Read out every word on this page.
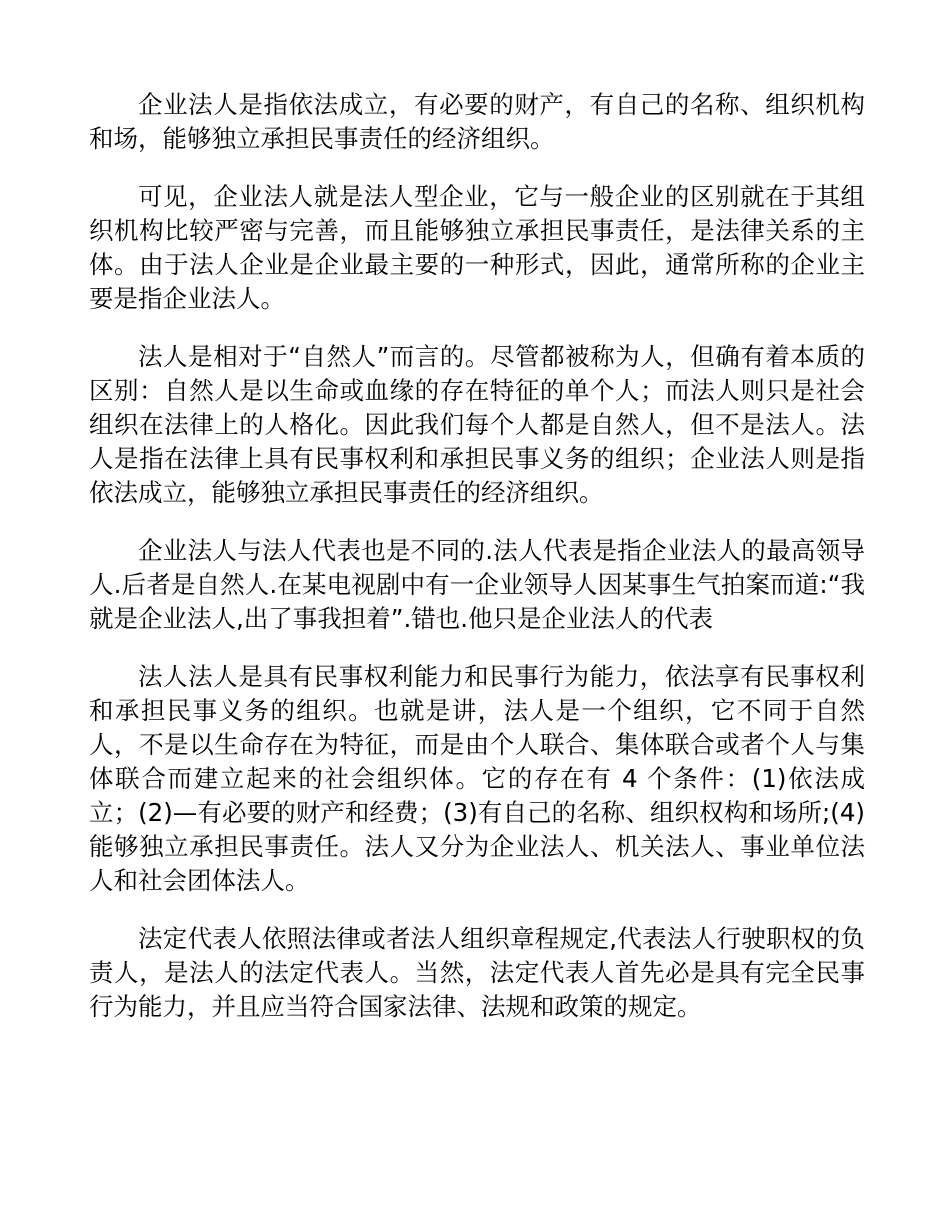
企业法人是指依法成立，有必要的财产，有自己的名称、组织机构和场，能够独立承担民事责任的经济组织。

可见，企业法人就是法人型企业，它与一般企业的区别就在于其组织机构比较严密与完善，而且能够独立承担民事责任，是法律关系的主体。由于法人企业是企业最主要的一种形式，因此，通常所称的企业主要是指企业法人。

法人是相对于“自然人”而言的。尽管都被称为人，但确有着本质的区别：自然人是以生命或血缘的存在特征的单个人；而法人则只是社会组织在法律上的人格化。因此我们每个人都是自然人，但不是法人。法人是指在法律上具有民事权利和承担民事义务的组织；企业法人则是指依法成立，能够独立承担民事责任的经济组织。

企业法人与法人代表也是不同的.法人代表是指企业法人的最高领导人.后者是自然人.在某电视剧中有一企业领导人因某事生气拍案而道:“我就是企业法人,出了事我担着”.错也.他只是企业法人的代表

法人法人是具有民事权利能力和民事行为能力，依法享有民事权利和承担民事义务的组织。也就是讲，法人是一个组织，它不同于自然人，不是以生命存在为特征，而是由个人联合、集体联合或者个人与集体联合而建立起来的社会组织体。它的存在有 4 个条件：(1)依法成立；(2)—有必要的财产和经费；(3)有自己的名称、组织权构和场所;(4)能够独立承担民事责任。法人又分为企业法人、机关法人、事业单位法人和社会团体法人。

法定代表人依照法律或者法人组织章程规定,代表法人行驶职权的负责人，是法人的法定代表人。当然，法定代表人首先必是具有完全民事行为能力，并且应当符合国家法律、法规和政策的规定。
